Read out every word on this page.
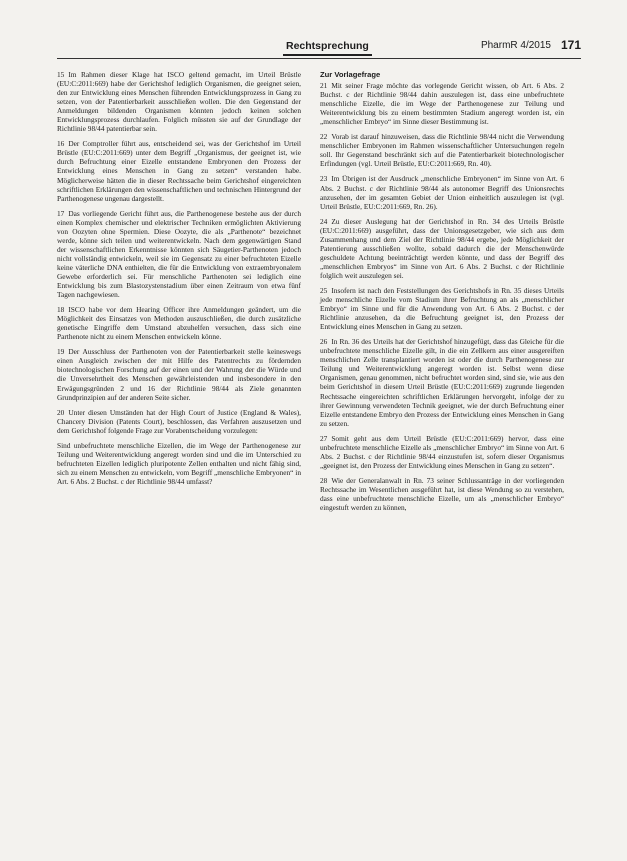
Rechtsprechung	PharmR 4/2015 171

15 Im Rahmen dieser Klage hat ISCO geltend gemacht, im Urteil Brüstle (EU:C:2011:669) habe der Gerichtshof lediglich Organismen, die geeignet seien, den zur Entwicklung eines Menschen führenden Entwicklungsprozess in Gang zu setzen, von der Patentierbarkeit ausschließen wollen. Die den Gegenstand der Anmeldungen bildenden Organismen könnten jedoch keinen solchen Entwicklungsprozess durchlaufen. Folglich müssten sie auf der Grundlage der Richtlinie 98/44 patentierbar sein.

16 Der Comptroller führt aus, entscheidend sei, was der Gerichtshof im Urteil Brüstle (EU:C:2011:669) unter dem Begriff „Organismus, der geeignet ist, wie durch Befruchtung einer Eizelle entstandene Embryonen den Prozess der Entwicklung eines Menschen in Gang zu setzen“ verstanden habe. Möglicherweise hätten die in dieser Rechtssache beim Gerichtshof eingereichten schriftlichen Erklärungen den wissenschaftlichen und technischen Hintergrund der Parthenogenese ungenau dargestellt.

17 Das vorliegende Gericht führt aus, die Parthenogenese bestehe aus der durch einen Komplex chemischer und elektrischer Techniken ermöglichten Aktivierung von Oozyten ohne Spermien. Diese Oozyte, die als „Parthenote“ bezeichnet werde, könne sich teilen und weiterentwickeln. Nach dem gegenwärtigen Stand der wissenschaftlichen Erkenntnisse könnten sich Säugetier-Parthenoten jedoch nicht vollständig entwickeln, weil sie im Gegensatz zu einer befruchteten Eizelle keine väterliche DNA enthielten, die für die Entwicklung von extraembryonalem Gewebe erforderlich sei. Für menschliche Parthenoten sei lediglich eine Entwicklung bis zum Blastozystenstadium über einen Zeitraum von etwa fünf Tagen nachgewiesen.

18 ISCO habe vor dem Hearing Officer ihre Anmeldungen geändert, um die Möglichkeit des Einsatzes von Methoden auszuschließen, die durch zusätzliche genetische Eingriffe dem Umstand abzuhelfen versuchen, dass sich eine Parthenote nicht zu einem Menschen entwickeln könne.

19 Der Ausschluss der Parthenoten von der Patentierbarkeit stelle keineswegs einen Ausgleich zwischen der mit Hilfe des Patentrechts zu fördernden biotechnologischen Forschung auf der einen und der Wahrung der die Würde und die Unversehrtheit des Menschen gewährleistenden und insbesondere in den Erwägungsgründen 2 und 16 der Richtlinie 98/44 als Ziele genannten Grundprinzipien auf der anderen Seite sicher.

20 Unter diesen Umständen hat der High Court of Justice (England & Wales), Chancery Division (Patents Court), beschlossen, das Verfahren auszusetzen und dem Gerichtshof folgende Frage zur Vorabentscheidung vorzulegen:

Sind unbefruchtete menschliche Eizellen, die im Wege der Parthenogenese zur Teilung und Weiterentwicklung angeregt worden sind und die im Unterschied zu befruchteten Eizellen lediglich pluripotente Zellen enthalten und nicht fähig sind, sich zu einem Menschen zu entwickeln, vom Begriff „menschliche Embryonen“ in Art. 6 Abs. 2 Buchst. c der Richtlinie 98/44 umfasst?

Zur Vorlagefrage

21 Mit seiner Frage möchte das vorlegende Gericht wissen, ob Art. 6 Abs. 2 Buchst. c der Richtlinie 98/44 dahin auszulegen ist, dass eine unbefruchtete menschliche Eizelle, die im Wege der Parthenogenese zur Teilung und Weiterentwicklung bis zu einem bestimmten Stadium angeregt worden ist, ein „menschlicher Embryo“ im Sinne dieser Bestimmung ist.

22 Vorab ist darauf hinzuweisen, dass die Richtlinie 98/44 nicht die Verwendung menschlicher Embryonen im Rahmen wissenschaftlicher Untersuchungen regeln soll. Ihr Gegenstand beschränkt sich auf die Patentierbarkeit biotechnologischer Erfindungen (vgl. Urteil Brüstle, EU:C:2011:669, Rn. 40).

23 Im Übrigen ist der Ausdruck „menschliche Embryonen“ im Sinne von Art. 6 Abs. 2 Buchst. c der Richtlinie 98/44 als autonomer Begriff des Unionsrechts anzusehen, der im gesamten Gebiet der Union einheitlich auszulegen ist (vgl. Urteil Brüstle, EU:C:2011:669, Rn. 26).

24 Zu dieser Auslegung hat der Gerichtshof in Rn. 34 des Urteils Brüstle (EU:C:2011:669) ausgeführt, dass der Unionsgesetzgeber, wie sich aus dem Zusammenhang und dem Ziel der Richtlinie 98/44 ergebe, jede Möglichkeit der Patentierung ausschließen wollte, sobald dadurch die der Menschenwürde geschuldete Achtung beeinträchtigt werden könnte, und dass der Begriff des „menschlichen Embryos“ im Sinne von Art. 6 Abs. 2 Buchst. c der Richtlinie folglich weit auszulegen sei.

25 Insofern ist nach den Feststellungen des Gerichtshofs in Rn. 35 dieses Urteils jede menschliche Eizelle vom Stadium ihrer Befruchtung an als „menschlicher Embryo“ im Sinne und für die Anwendung von Art. 6 Abs. 2 Buchst. c der Richtlinie anzusehen, da die Befruchtung geeignet ist, den Prozess der Entwicklung eines Menschen in Gang zu setzen.

26 In Rn. 36 des Urteils hat der Gerichtshof hinzugefügt, dass das Gleiche für die unbefruchtete menschliche Eizelle gilt, in die ein Zellkern aus einer ausgereiften menschlichen Zelle transplantiert worden ist oder die durch Parthenogenese zur Teilung und Weiterentwicklung angeregt worden ist. Selbst wenn diese Organismen, genau genommen, nicht befruchtet worden sind, sind sie, wie aus den beim Gerichtshof in diesem Urteil Brüstle (EU:C:2011:669) zugrunde liegenden Rechtssache eingereichten schriftlichen Erklärungen hervorgeht, infolge der zu ihrer Gewinnung verwendeten Technik geeignet, wie der durch Befruchtung einer Eizelle entstandene Embryo den Prozess der Entwicklung eines Menschen in Gang zu setzen.

27 Somit geht aus dem Urteil Brüstle (EU:C:2011:669) hervor, dass eine unbefruchtete menschliche Eizelle als „menschlicher Embryo“ im Sinne von Art. 6 Abs. 2 Buchst. c der Richtlinie 98/44 einzustufen ist, sofern dieser Organismus „geeignet ist, den Prozess der Entwicklung eines Menschen in Gang zu setzen“.

28 Wie der Generalanwalt in Rn. 73 seiner Schlussanträge in der vorliegenden Rechtssache im Wesentlichen ausgeführt hat, ist diese Wendung so zu verstehen, dass eine unbefruchtete menschliche Eizelle, um als „menschlicher Embryo“ eingestuft werden zu können,
